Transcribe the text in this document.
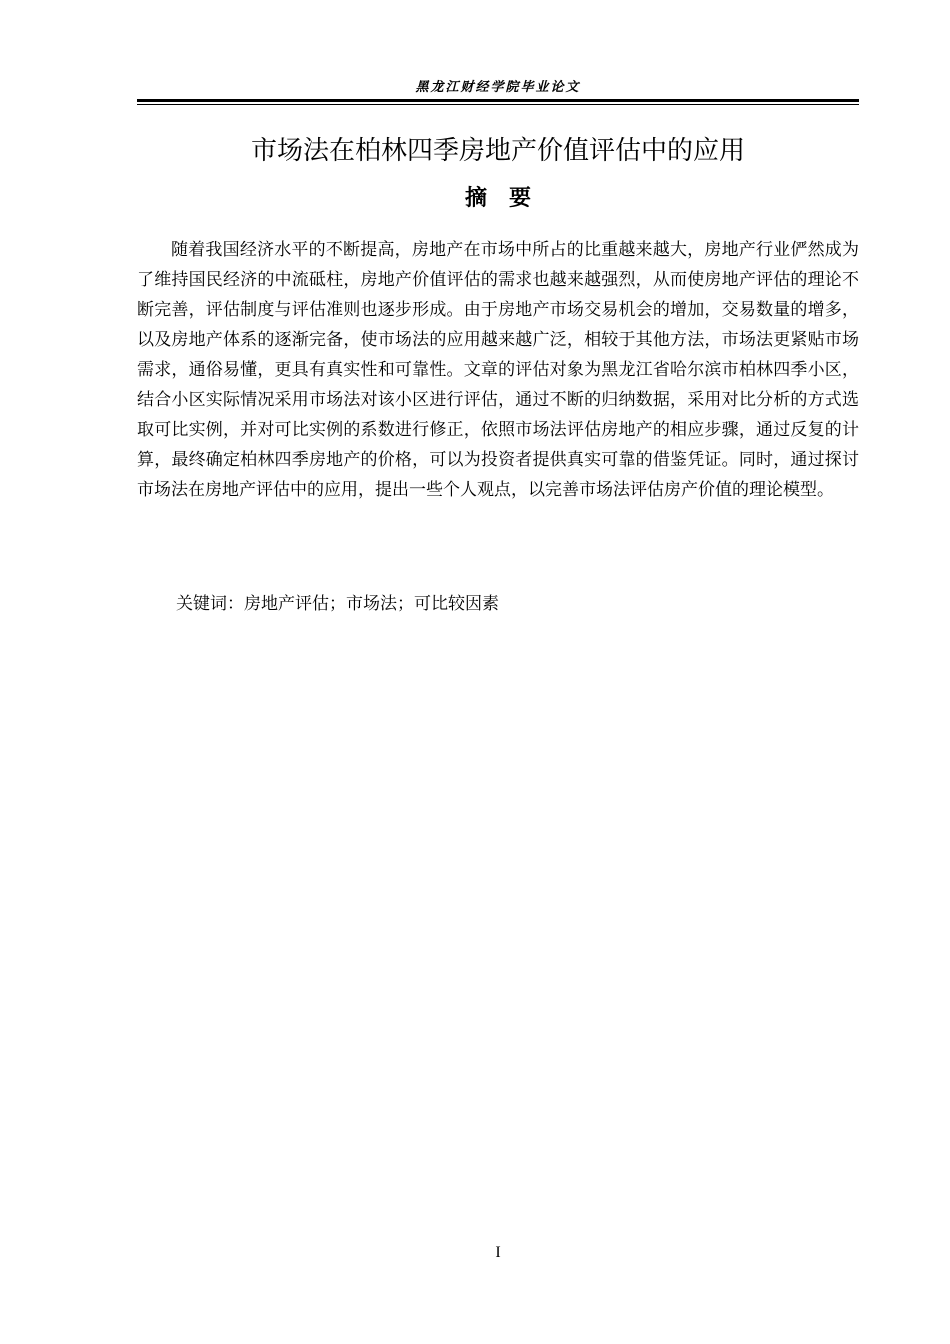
黑龙江财经学院毕业论文
市场法在柏林四季房地产价值评估中的应用
摘　要

随着我国经济水平的不断提高，房地产在市场中所占的比重越来越大，房地产行业俨然成为了维持国民经济的中流砥柱，房地产价值评估的需求也越来越强烈，从而使房地产评估的理论不断完善，评估制度与评估准则也逐步形成。由于房地产市场交易机会的增加，交易数量的增多，以及房地产体系的逐渐完备，使市场法的应用越来越广泛，相较于其他方法，市场法更紧贴市场需求，通俗易懂，更具有真实性和可靠性。文章的评估对象为黑龙江省哈尔滨市柏林四季小区，结合小区实际情况采用市场法对该小区进行评估，通过不断的归纳数据，采用对比分析的方式选取可比实例，并对可比实例的系数进行修正，依照市场法评估房地产的相应步骤，通过反复的计算，最终确定柏林四季房地产的价格，可以为投资者提供真实可靠的借鉴凭证。同时，通过探讨市场法在房地产评估中的应用，提出一些个人观点，以完善市场法评估房产价值的理论模型。

关键词：房地产评估；市场法；可比较因素
I
